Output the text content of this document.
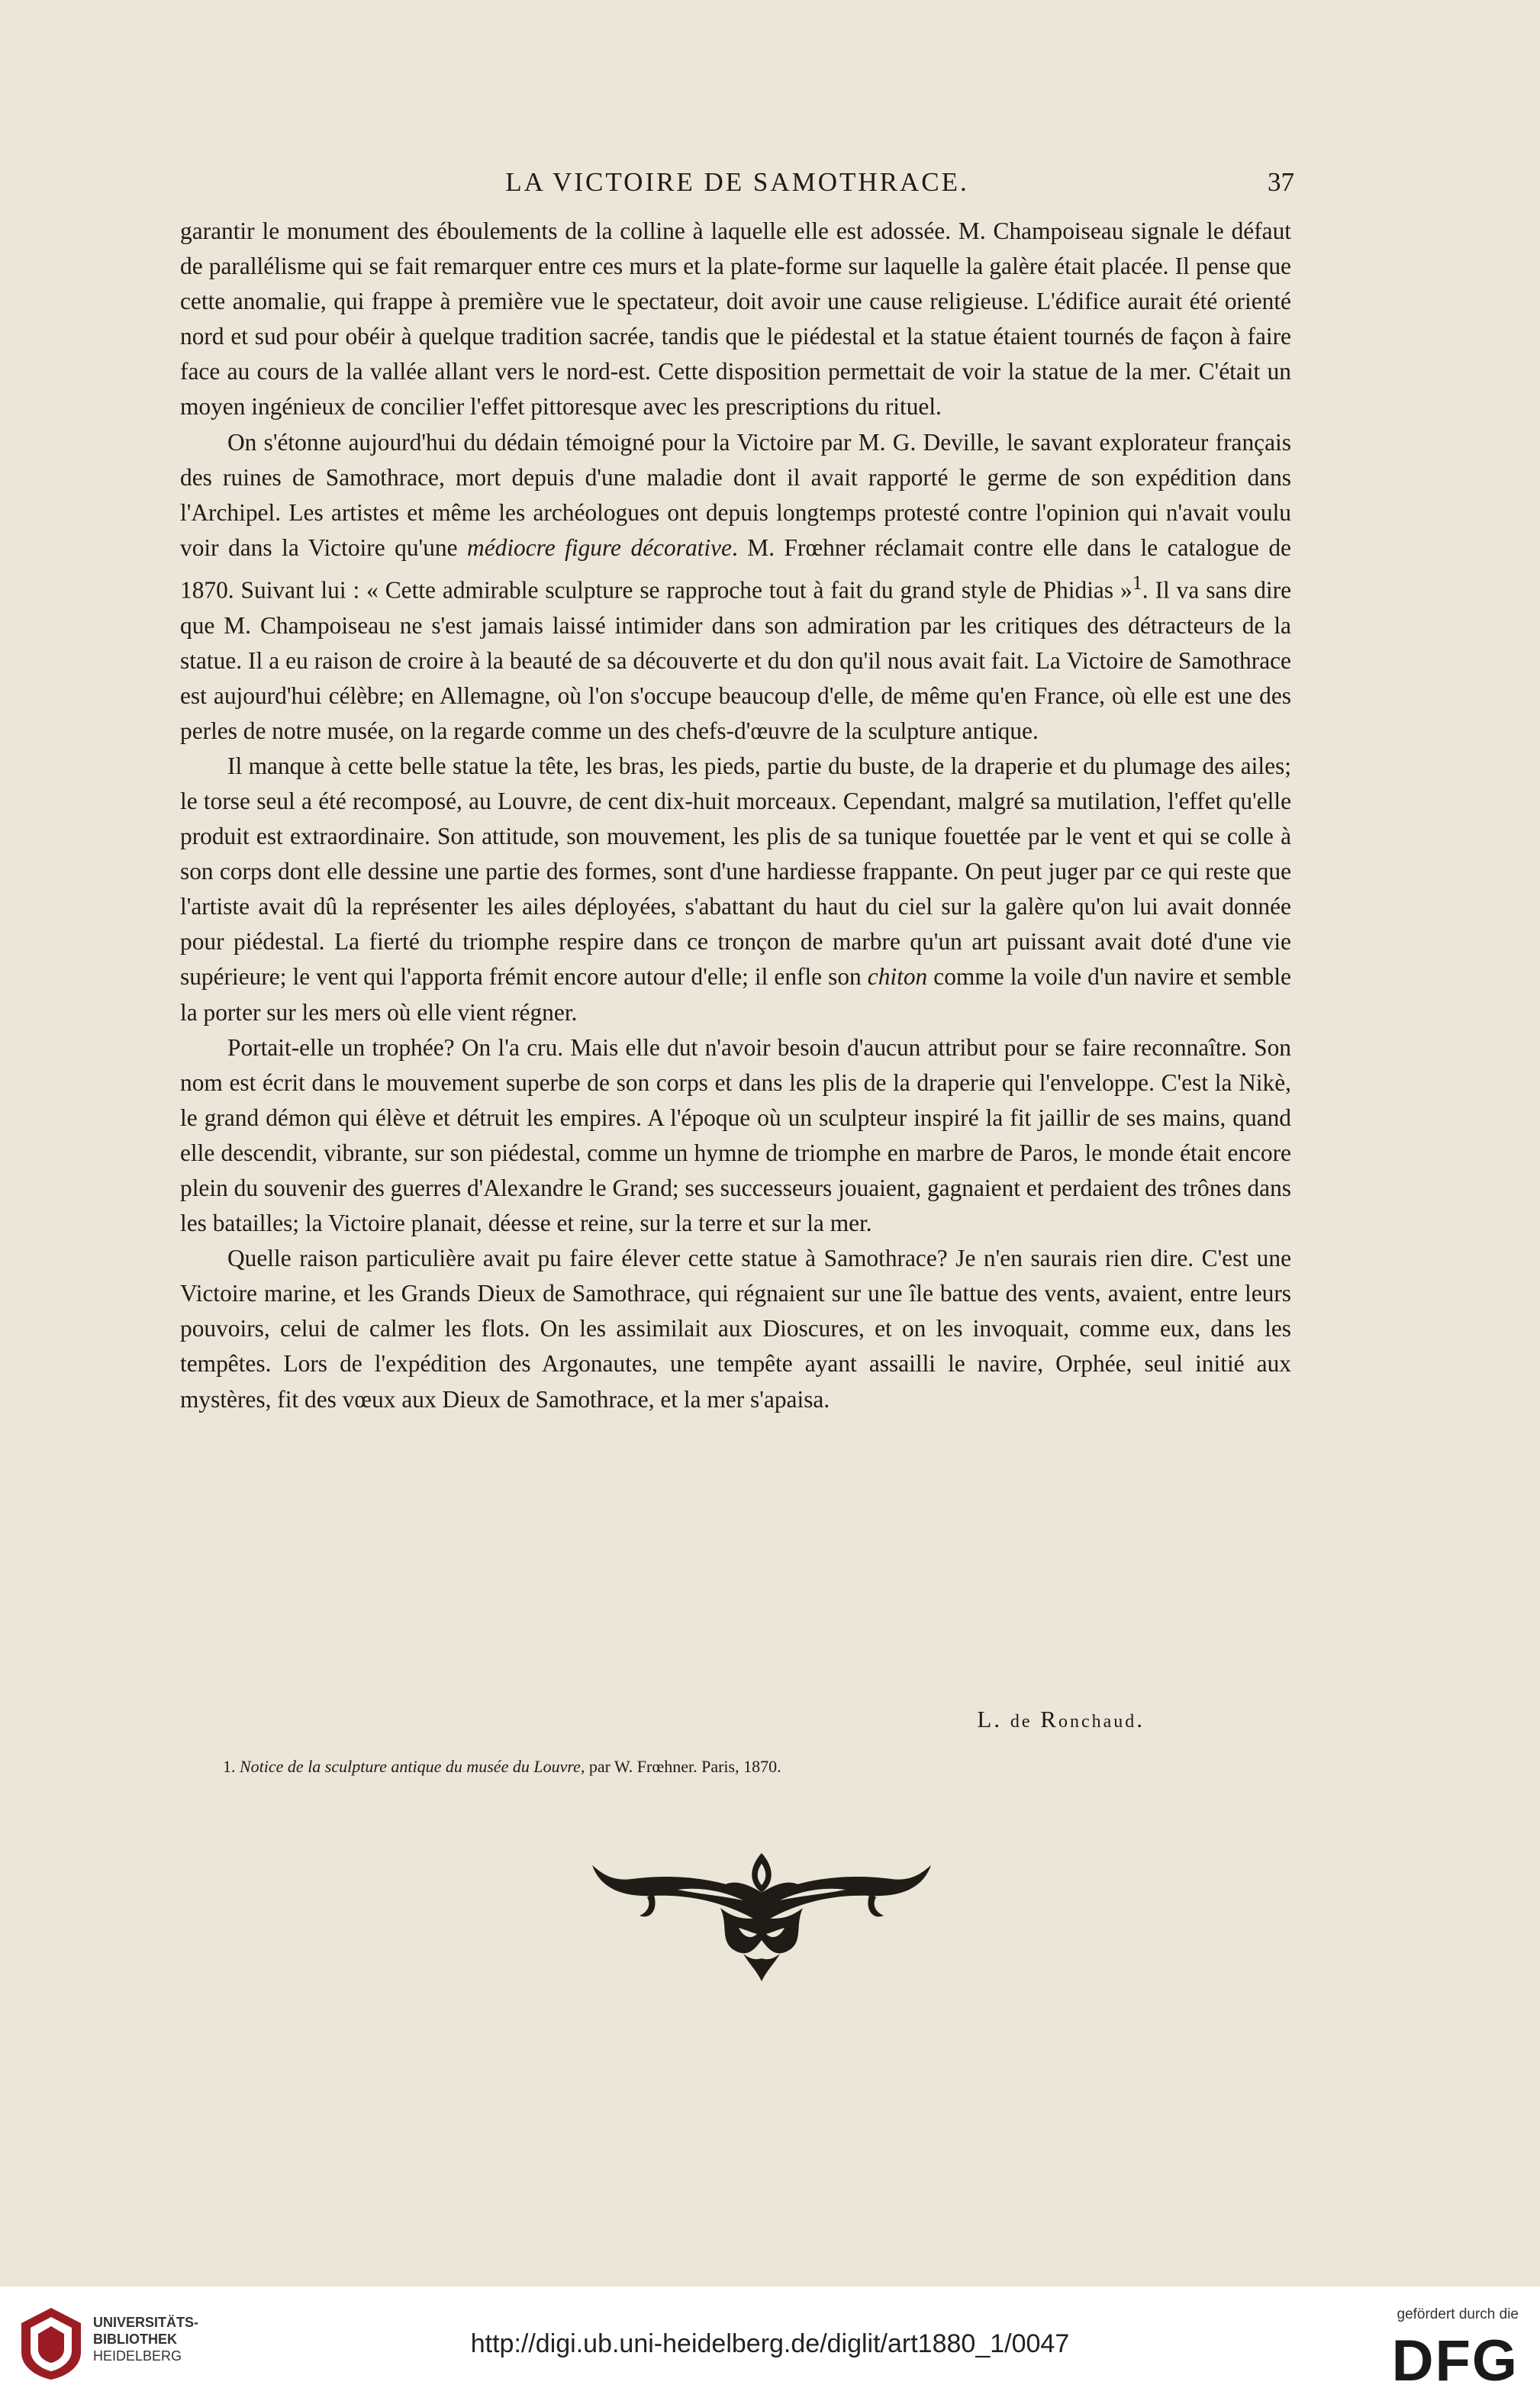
LA VICTOIRE DE SAMOTHRACE.	37

garantir le monument des éboulements de la colline à laquelle elle est adossée. M. Champoiseau signale le défaut de parallélisme qui se fait remarquer entre ces murs et la plate-forme sur laquelle la galère était placée. Il pense que cette anomalie, qui frappe à première vue le spectateur, doit avoir une cause religieuse. L'édifice aurait été orienté nord et sud pour obéir à quelque tradition sacrée, tandis que le piédestal et la statue étaient tournés de façon à faire face au cours de la vallée allant vers le nord-est. Cette disposition permettait de voir la statue de la mer. C'était un moyen ingénieux de concilier l'effet pittoresque avec les prescriptions du rituel.

On s'étonne aujourd'hui du dédain témoigné pour la Victoire par M. G. Deville, le savant explorateur français des ruines de Samothrace, mort depuis d'une maladie dont il avait rapporté le germe de son expédition dans l'Archipel. Les artistes et même les archéologues ont depuis longtemps protesté contre l'opinion qui n'avait voulu voir dans la Victoire qu'une médiocre figure décorative. M. Frœhner réclamait contre elle dans le catalogue de 1870. Suivant lui : « Cette admirable sculpture se rapproche tout à fait du grand style de Phidias »$^1$. Il va sans dire que M. Champoiseau ne s'est jamais laissé intimider dans son admiration par les critiques des détracteurs de la statue. Il a eu raison de croire à la beauté de sa découverte et du don qu'il nous avait fait. La Victoire de Samothrace est aujourd'hui célèbre; en Allemagne, où l'on s'occupe beaucoup d'elle, de même qu'en France, où elle est une des perles de notre musée, on la regarde comme un des chefs-d'œuvre de la sculpture antique.

Il manque à cette belle statue la tête, les bras, les pieds, partie du buste, de la draperie et du plumage des ailes; le torse seul a été recomposé, au Louvre, de cent dix-huit morceaux. Cependant, malgré sa mutilation, l'effet qu'elle produit est extraordinaire. Son attitude, son mouvement, les plis de sa tunique fouettée par le vent et qui se colle à son corps dont elle dessine une partie des formes, sont d'une hardiesse frappante. On peut juger par ce qui reste que l'artiste avait dû la représenter les ailes déployées, s'abattant du haut du ciel sur la galère qu'on lui avait donnée pour piédestal. La fierté du triomphe respire dans ce tronçon de marbre qu'un art puissant avait doté d'une vie supérieure; le vent qui l'apporta frémit encore autour d'elle; il enfle son chiton comme la voile d'un navire et semble la porter sur les mers où elle vient régner.

Portait-elle un trophée? On l'a cru. Mais elle dut n'avoir besoin d'aucun attribut pour se faire reconnaître. Son nom est écrit dans le mouvement superbe de son corps et dans les plis de la draperie qui l'enveloppe. C'est la Nikè, le grand démon qui élève et détruit les empires. A l'époque où un sculpteur inspiré la fit jaillir de ses mains, quand elle descendit, vibrante, sur son piédestal, comme un hymne de triomphe en marbre de Paros, le monde était encore plein du souvenir des guerres d'Alexandre le Grand; ses successeurs jouaient, gagnaient et perdaient des trônes dans les batailles; la Victoire planait, déesse et reine, sur la terre et sur la mer.

Quelle raison particulière avait pu faire élever cette statue à Samothrace? Je n'en saurais rien dire. C'est une Victoire marine, et les Grands Dieux de Samothrace, qui régnaient sur une île battue des vents, avaient, entre leurs pouvoirs, celui de calmer les flots. On les assimilait aux Dioscures, et on les invoquait, comme eux, dans les tempêtes. Lors de l'expédition des Argonautes, une tempête ayant assailli le navire, Orphée, seul initié aux mystères, fit des vœux aux Dieux de Samothrace, et la mer s'apaisa.

L. de Ronchaud.
1. Notice de la sculpture antique du musée du Louvre, par W. Frœhner. Paris, 1870.
UNIVERSITÄTS-
BIBLIOTHEK
HEIDELBERG	http://digi.ub.uni-heidelberg.de/diglit/art1880_1/0047
gefördert durch die
DFG
